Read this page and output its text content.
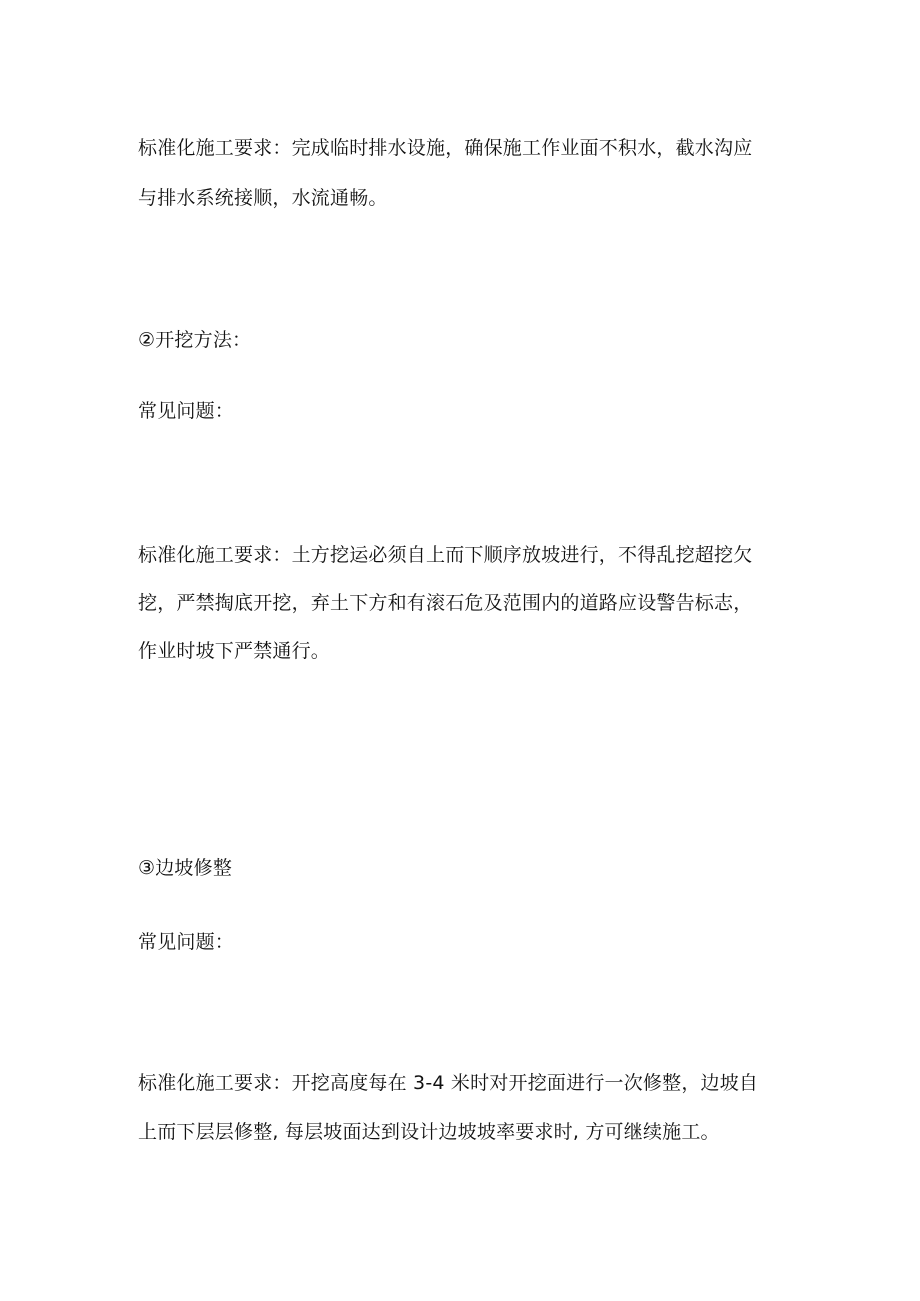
标准化施工要求：完成临时排水设施，确保施工作业面不积水，截水沟应
与排水系统接顺，水流通畅。
②开挖方法：
常见问题：
标准化施工要求：土方挖运必须自上而下顺序放坡进行，不得乱挖超挖欠
挖，严禁掏底开挖，弃土下方和有滚石危及范围内的道路应设警告标志，
作业时坡下严禁通行。
③边坡修整
常见问题：
标准化施工要求：开挖高度每在 3-4 米时对开挖面进行一次修整，边坡自
上而下层层修整, 每层坡面达到设计边坡坡率要求时, 方可继续施工。
